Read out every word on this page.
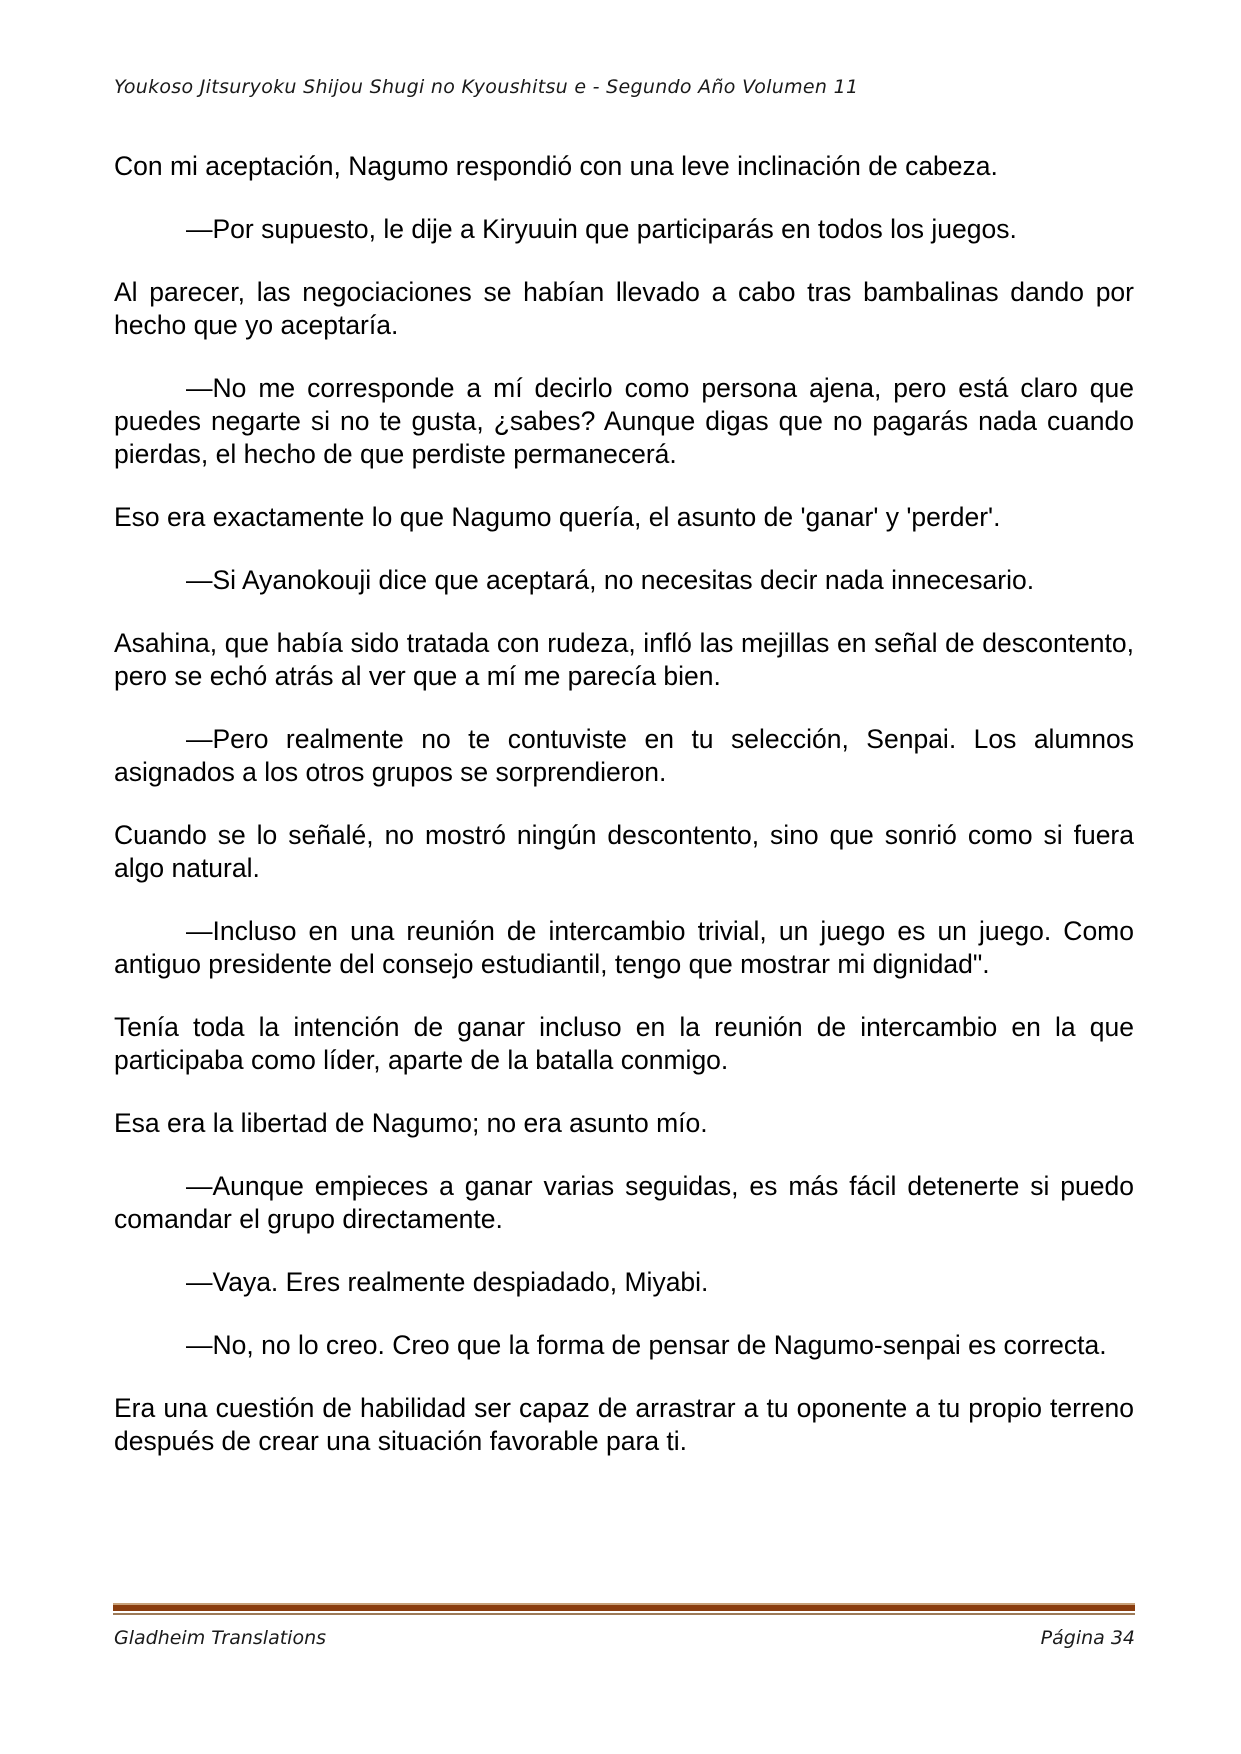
Youkoso Jitsuryoku Shijou Shugi no Kyoushitsu e - Segundo Año Volumen 11

Con mi aceptación, Nagumo respondió con una leve inclinación de cabeza.

—Por supuesto, le dije a Kiryuuin que participarás en todos los juegos.

Al parecer, las negociaciones se habían llevado a cabo tras bambalinas dando por hecho que yo aceptaría.

—No me corresponde a mí decirlo como persona ajena, pero está claro que puedes negarte si no te gusta, ¿sabes? Aunque digas que no pagarás nada cuando pierdas, el hecho de que perdiste permanecerá.

Eso era exactamente lo que Nagumo quería, el asunto de 'ganar' y 'perder'.

—Si Ayanokouji dice que aceptará, no necesitas decir nada innecesario.

Asahina, que había sido tratada con rudeza, infló las mejillas en señal de descontento, pero se echó atrás al ver que a mí me parecía bien.

—Pero realmente no te contuviste en tu selección, Senpai. Los alumnos asignados a los otros grupos se sorprendieron.

Cuando se lo señalé, no mostró ningún descontento, sino que sonrió como si fuera algo natural.

—Incluso en una reunión de intercambio trivial, un juego es un juego. Como antiguo presidente del consejo estudiantil, tengo que mostrar mi dignidad".

Tenía toda la intención de ganar incluso en la reunión de intercambio en la que participaba como líder, aparte de la batalla conmigo.

Esa era la libertad de Nagumo; no era asunto mío.

—Aunque empieces a ganar varias seguidas, es más fácil detenerte si puedo comandar el grupo directamente.

—Vaya. Eres realmente despiadado, Miyabi.

—No, no lo creo. Creo que la forma de pensar de Nagumo-senpai es correcta.

Era una cuestión de habilidad ser capaz de arrastrar a tu oponente a tu propio terreno después de crear una situación favorable para ti.

Gladheim Translations	Página 34
